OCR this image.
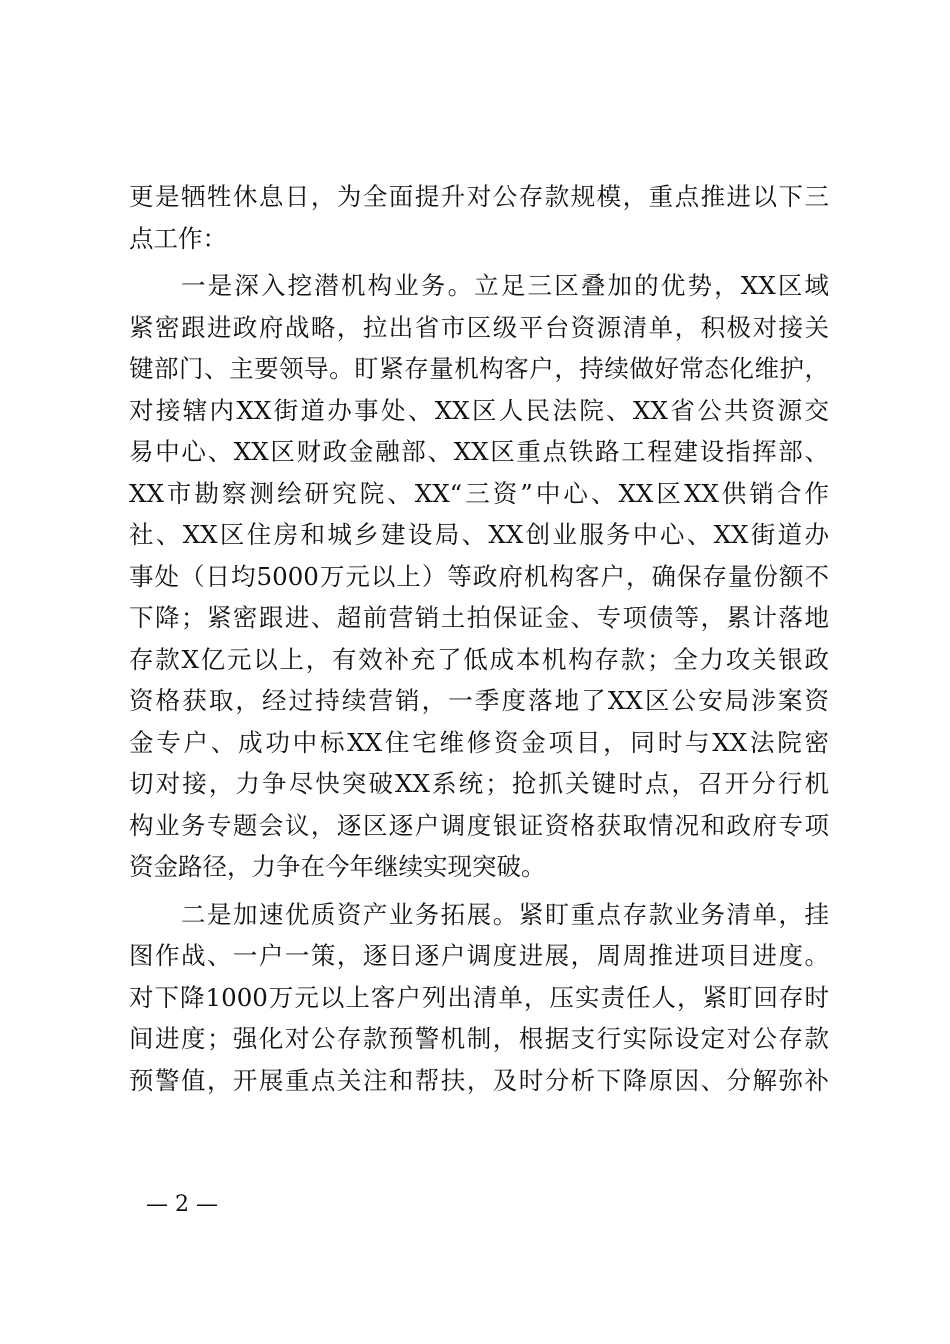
更是牺牲休息日，为全面提升对公存款规模，重点推进以下三
点工作：
一是深入挖潜机构业务。立足三区叠加的优势，XX区域
紧密跟进政府战略，拉出省市区级平台资源清单，积极对接关
键部门、主要领导。盯紧存量机构客户，持续做好常态化维护，
对接辖内XX街道办事处、XX区人民法院、XX省公共资源交
易中心、XX区财政金融部、XX区重点铁路工程建设指挥部、
XX市勘察测绘研究院、XX“三资”中心、XX区XX供销合作
社、XX区住房和城乡建设局、XX创业服务中心、XX街道办
事处（日均5000万元以上）等政府机构客户，确保存量份额不
下降；紧密跟进、超前营销土拍保证金、专项债等，累计落地
存款X亿元以上，有效补充了低成本机构存款；全力攻关银政
资格获取，经过持续营销，一季度落地了XX区公安局涉案资
金专户、成功中标XX住宅维修资金项目，同时与XX法院密
切对接，力争尽快突破XX系统；抢抓关键时点，召开分行机
构业务专题会议，逐区逐户调度银证资格获取情况和政府专项
资金路径，力争在今年继续实现突破。
二是加速优质资产业务拓展。紧盯重点存款业务清单，挂
图作战、一户一策，逐日逐户调度进展，周周推进项目进度。
对下降1000万元以上客户列出清单，压实责任人，紧盯回存时
间进度；强化对公存款预警机制，根据支行实际设定对公存款
预警值，开展重点关注和帮扶，及时分析下降原因、分解弥补
— 2 —
